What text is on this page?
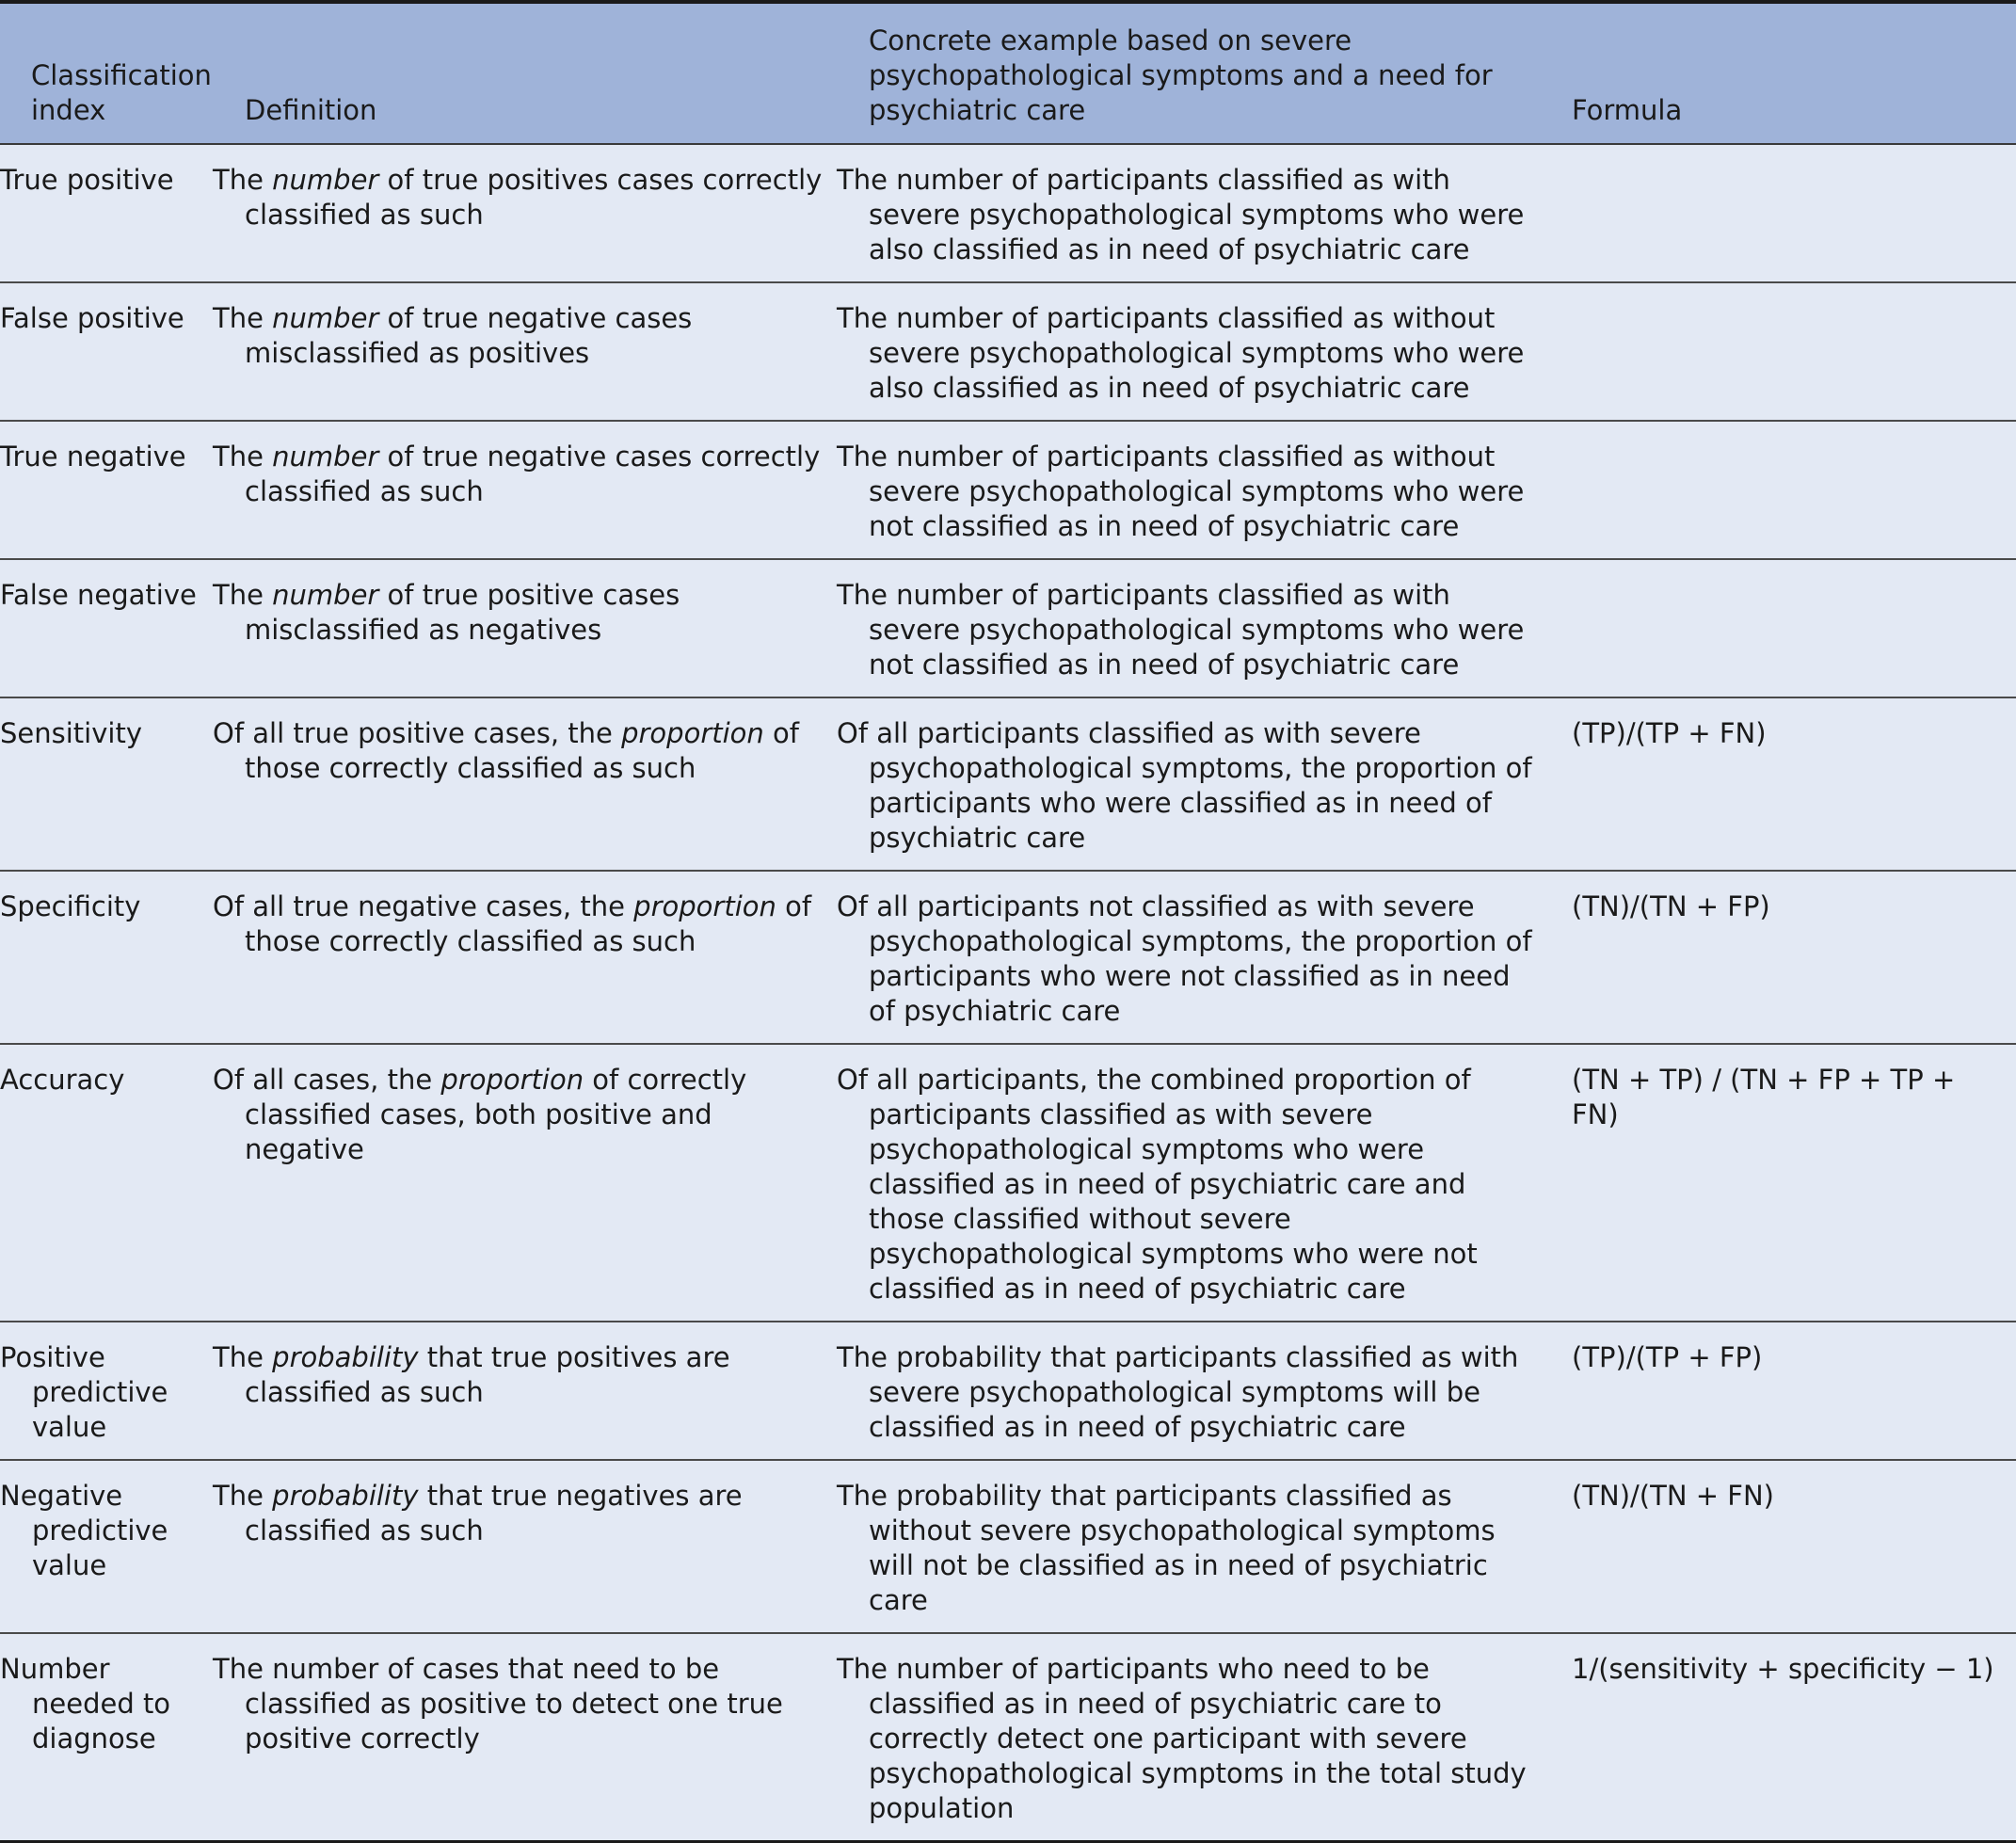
Classification index	Definition	Concrete example based on severe psychopathological symptoms and a need for psychiatric care	Formula
True positive	The number of true positives cases correctly classified as such	The number of participants classified as with severe psychopathological symptoms who were also classified as in need of psychiatric care	
False positive	The number of true negative cases misclassified as positives	The number of participants classified as without severe psychopathological symptoms who were also classified as in need of psychiatric care	
True negative	The number of true negative cases correctly classified as such	The number of participants classified as without severe psychopathological symptoms who were not classified as in need of psychiatric care	
False negative	The number of true positive cases misclassified as negatives	The number of participants classified as with severe psychopathological symptoms who were not classified as in need of psychiatric care	
Sensitivity	Of all true positive cases, the proportion of those correctly classified as such	Of all participants classified as with severe psychopathological symptoms, the proportion of participants who were classified as in need of psychiatric care	(TP)/(TP + FN)
Specificity	Of all true negative cases, the proportion of those correctly classified as such	Of all participants not classified as with severe psychopathological symptoms, the proportion of participants who were not classified as in need of psychiatric care	(TN)/(TN + FP)
Accuracy	Of all cases, the proportion of correctly classified cases, both positive and negative	Of all participants, the combined proportion of participants classified as with severe psychopathological symptoms who were classified as in need of psychiatric care and those classified without severe psychopathological symptoms who were not classified as in need of psychiatric care	(TN + TP) / (TN + FP + TP + FN)
Positive predictive value	The probability that true positives are classified as such	The probability that participants classified as with severe psychopathological symptoms will be classified as in need of psychiatric care	(TP)/(TP + FP)
Negative predictive value	The probability that true negatives are classified as such	The probability that participants classified as without severe psychopathological symptoms will not be classified as in need of psychiatric care	(TN)/(TN + FN)
Number needed to diagnose	The number of cases that need to be classified as positive to detect one true positive correctly	The number of participants who need to be classified as in need of psychiatric care to correctly detect one participant with severe psychopathological symptoms in the total study population	1/(sensitivity + specificity − 1)
